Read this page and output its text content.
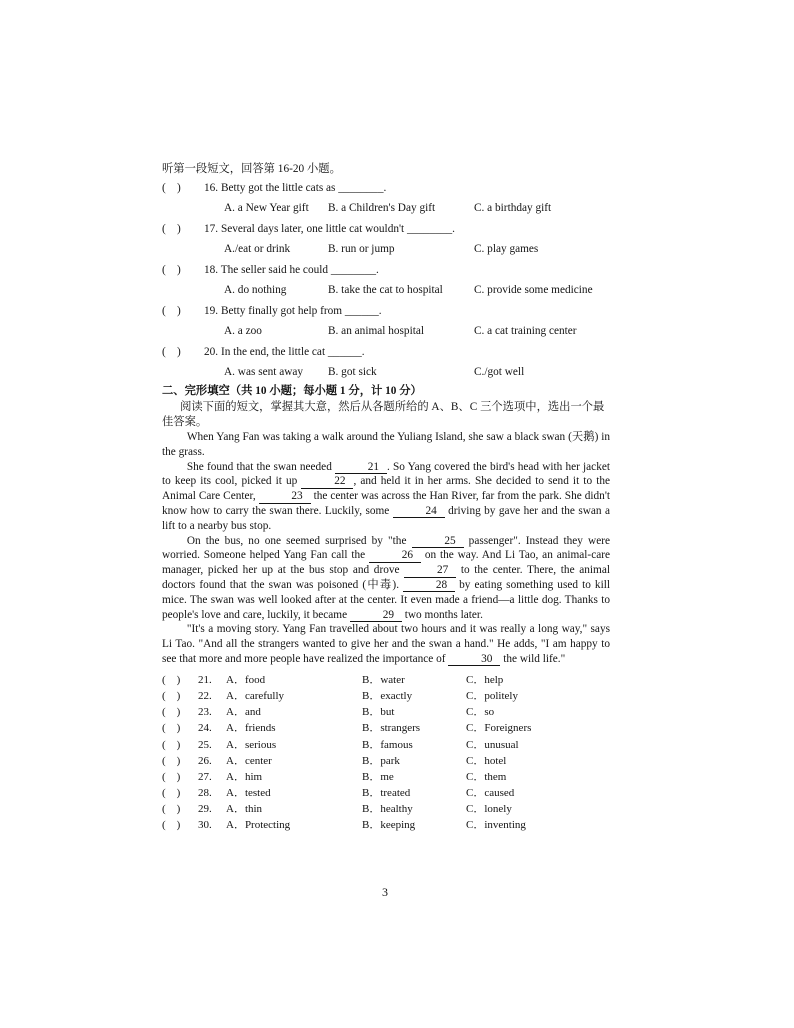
听第一段短文，回答第 16-20 小题。

(    )	16. Betty got the little cats as ________.
A. a New Year gift	B. a Children's Day gift	C. a birthday gift
(    )	17. Several days later, one little cat wouldn't ________.
A./eat or drink	B. run or jump	C. play games
(    )	18. The seller said he could ________.
A. do nothing	B. take the cat to hospital	C. provide some medicine
(    )	19. Betty finally got help from ______.
A. a zoo	B. an animal hospital	C. a cat training center
(    )	20. In the end, the little cat ______.
A. was sent away	B. got sick	C./got well

二、完形填空（共 10 小题；每小题 1 分，计 10 分）

阅读下面的短文，掌握其大意，然后从各题所给的 A、B、C 三个选项中，选出一个最佳答案。

When Yang Fan was taking a walk around the Yuliang Island, she saw a black swan (天鹅) in the grass.

She found that the swan needed	21 . So Yang covered the bird's head with her jacket to keep its cool, picked it up	22 , and held it in her arms. She decided to send it to the Animal Care Center,	23 the center was across the Han River, far from the park. She didn't know how to carry the swan there. Luckily, some	24 driving by gave her and the swan a lift to a nearby bus stop.

On the bus, no one seemed surprised by "the	25 passenger". Instead they were worried. Someone helped Yang Fan call the	26 on the way. And Li Tao, an animal-care manager, picked her up at the bus stop and drove	27 to the center. There, the animal doctors found that the swan was poisoned (中毒).	28 by eating something used to kill mice. The swan was well looked after at the center. It even made a friend—a little dog. Thanks to people's love and care, luckily, it became	29 two months later.

"It's a moving story. Yang Fan travelled about two hours and it was really a long way," says Li Tao. "And all the strangers wanted to give her and the swan a hand." He adds, "I am happy to see that more and more people have realized the importance of	30 the wild life."

(    )	21.	A．food	B．water	C．help
(    )	22.	A．carefully	B．exactly	C．politely
(    )	23.	A．and	B．but	C．so
(    )	24.	A．friends	B．strangers	C．Foreigners
(    )	25.	A．serious	B．famous	C．unusual
(    )	26.	A．center	B．park	C．hotel
(    )	27.	A．him	B．me	C．them
(    )	28.	A．tested	B．treated	C．caused
(    )	29.	A．thin	B．healthy	C．lonely
(    )	30.	A．Protecting	B．keeping	C．inventing
3
